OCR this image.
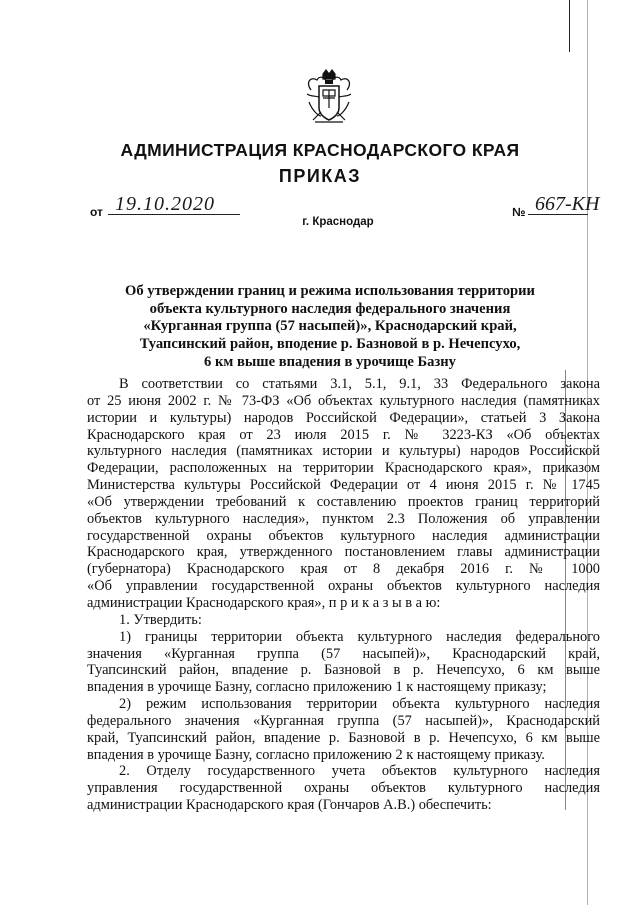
АДМИНИСТРАЦИЯ КРАСНОДАРСКОГО КРАЯ
ПРИКАЗ
от 19.10.2020
г. Краснодар
№ 667-КН
Об утверждении границ и режима использования территории
объекта культурного наследия федерального значения
«Курганная группа (57 насыпей)», Краснодарский край,
Туапсинский район, вподение р. Базновой в р. Нечепсухо,
6 км выше впадения в урочище Базну
В соответствии со статьями 3.1, 5.1, 9.1, 33 Федерального закона
от 25 июня 2002 г. № 73-ФЗ «Об объектах культурного наследия (памятниках
истории и культуры) народов Российской Федерации», статьей 3 Закона
Краснодарского края от 23 июля 2015 г. № 3223-КЗ «Об объектах
культурного наследия (памятниках истории и культуры) народов Российской
Федерации, расположенных на территории Краснодарского края», приказом
Министерства культуры Российской Федерации от 4 июня 2015 г. № 1745
«Об утверждении требований к составлению проектов границ территорий
объектов культурного наследия», пунктом 2.3 Положения об управлении
государственной охраны объектов культурного наследия администрации
Краснодарского края, утвержденного постановлением главы администрации
(губернатора) Краснодарского края от 8 декабря 2016 г. № 1000
«Об управлении государственной охраны объектов культурного наследия
администрации Краснодарского края», п р и к а з ы в а ю:
1. Утвердить:
1) границы территории объекта культурного наследия федерального
значения «Курганная группа (57 насыпей)», Краснодарский край,
Туапсинский район, впадение р. Базновой в р. Нечепсухо, 6 км выше
впадения в урочище Базну, согласно приложению 1 к настоящему приказу;
2) режим использования территории объекта культурного наследия
федерального значения «Курганная группа (57 насыпей)», Краснодарский
край, Туапсинский район, впадение р. Базновой в р. Нечепсухо, 6 км выше
впадения в урочище Базну, согласно приложению 2 к настоящему приказу.
2. Отделу государственного учета объектов культурного наследия
управления государственной охраны объектов культурного наследия
администрации Краснодарского края (Гончаров А.В.) обеспечить:
